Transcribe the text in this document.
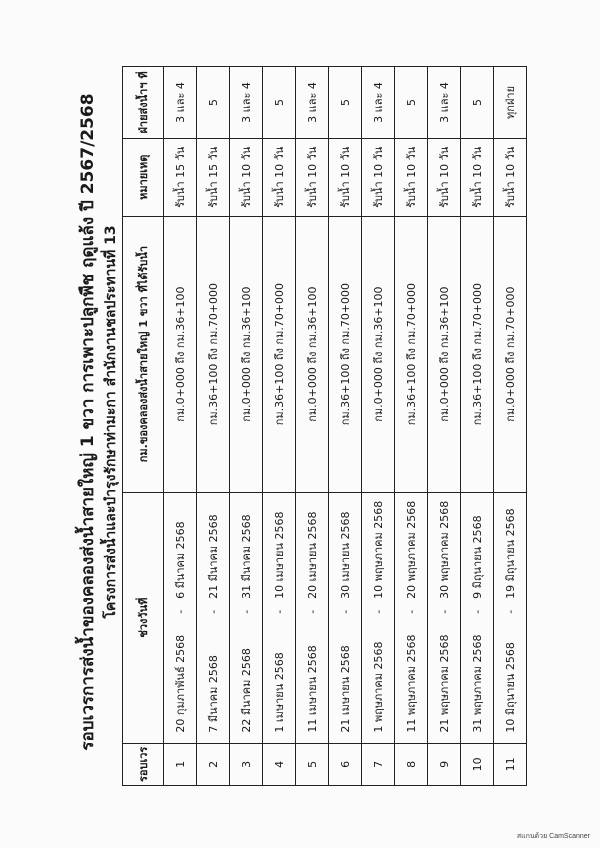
รอบเวรการส่งน้ำของคลองส่งน้ำสายใหญ่ 1 ขวา การเพาะปลูกพืช ฤดูแล้ง ปี 2567/2568 โครงการส่งน้ำและบำรุงรักษาท่ามะกา สำนักงานชลประทานที่ 13
รอบเวร	ช่วงวันที่			กม.ของคลองส่งน้ำสายใหญ่ 1 ขวา ที่ได้รับน้ำ	หมายเหตุ	ฝ่ายส่งน้ำฯ ที่
1	20 กุมภาพันธ์ 2568	-	6 มีนาคม 2568	กม.0+000 ถึง กม.36+100	รับน้ำ 15 วัน	3 และ 4
2	7 มีนาคม 2568	-	21 มีนาคม 2568	กม.36+100 ถึง กม.70+000	รับน้ำ 15 วัน	5
3	22 มีนาคม 2568	-	31 มีนาคม 2568	กม.0+000 ถึง กม.36+100	รับน้ำ 10 วัน	3 และ 4
4	1 เมษายน 2568	-	10 เมษายน 2568	กม.36+100 ถึง กม.70+000	รับน้ำ 10 วัน	5
5	11 เมษายน 2568	-	20 เมษายน 2568	กม.0+000 ถึง กม.36+100	รับน้ำ 10 วัน	3 และ 4
6	21 เมษายน 2568	-	30 เมษายน 2568	กม.36+100 ถึง กม.70+000	รับน้ำ 10 วัน	5
7	1 พฤษภาคม 2568	-	10 พฤษภาคม 2568	กม.0+000 ถึง กม.36+100	รับน้ำ 10 วัน	3 และ 4
8	11 พฤษภาคม 2568	-	20 พฤษภาคม 2568	กม.36+100 ถึง กม.70+000	รับน้ำ 10 วัน	5
9	21 พฤษภาคม 2568	-	30 พฤษภาคม 2568	กม.0+000 ถึง กม.36+100	รับน้ำ 10 วัน	3 และ 4
10	31 พฤษภาคม 2568	-	9 มิถุนายน 2568	กม.36+100 ถึง กม.70+000	รับน้ำ 10 วัน	5
11	10 มิถุนายน 2568	-	19 มิถุนายน 2568	กม.0+000 ถึง กม.70+000	รับน้ำ 10 วัน	ทุกฝ่าย
สแกนด้วย CamScanner
